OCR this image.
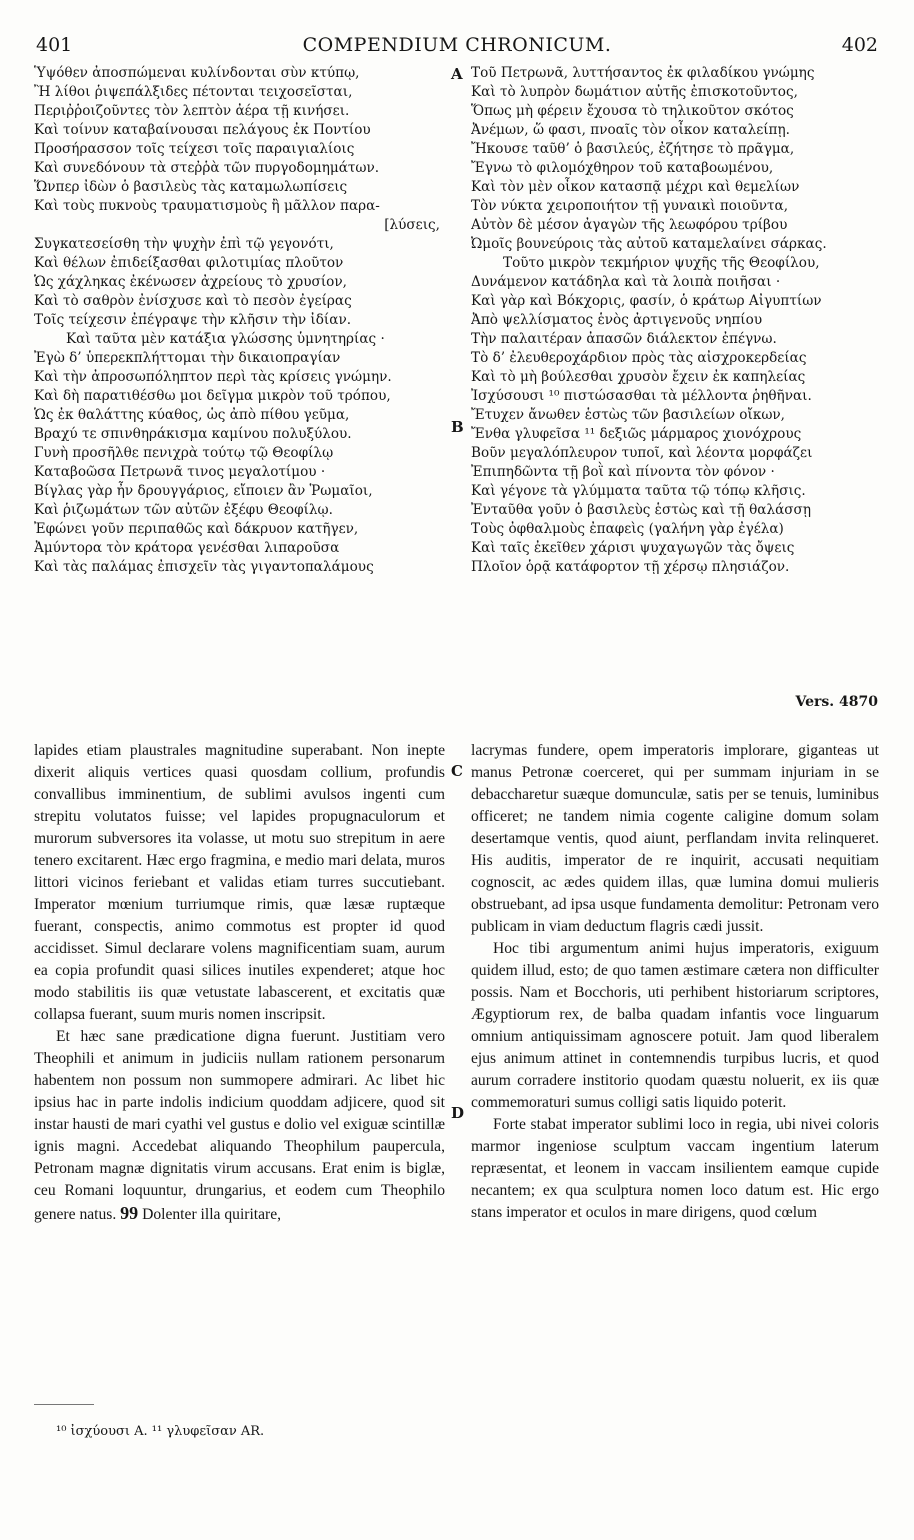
401	COMPENDIUM CHRONICUM.	402
Ὑψόθεν ἀποσπώμεναι κυλίνδονται σὺν κτύπῳ,
Ἢ λίθοι ῥιψεπάλξιδες πέτονται τειχοσεῖσται,
Περιῤῥοιζοῦντες τὸν λεπτὸν ἀέρα τῇ κινήσει.
Καὶ τοίνυν καταβαίνουσαι πελάγους ἐκ Ποντίου
Προσήρασσον τοῖς τείχεσι τοῖς παραιγιαλίοις
Καὶ συνεδόνουν τὰ στεῤῥὰ τῶν πυργοδομημάτων.
Ὥνπερ ἰδὼν ὁ βασιλεὺς τὰς καταμωλωπίσεις
Καὶ τοὺς πυκνοὺς τραυματισμοὺς ἢ μᾶλλον παρα-
[λύσεις,
Συγκατεσείσθη τὴν ψυχὴν ἐπὶ τῷ γεγονότι,
Καὶ θέλων ἐπιδείξασθαι φιλοτιμίας πλοῦτον
Ὡς χάχληκας ἐκένωσεν ἀχρείους τὸ χρυσίον,
Καὶ τὸ σαθρὸν ἐνίσχυσε καὶ τὸ πεσὸν ἐγείρας
Τοῖς τείχεσιν ἐπέγραψε τὴν κλῆσιν τὴν ἰδίαν.
Καὶ ταῦτα μὲν κατάξια γλώσσης ὑμνητηρίας ·
Ἐγὼ δ’ ὑπερεκπλήττομαι τὴν δικαιοπραγίαν
Καὶ τὴν ἀπροσωπόληπτον περὶ τὰς κρίσεις γνώμην.
Καὶ δὴ παρατιθέσθω μοι δεῖγμα μικρὸν τοῦ τρόπου,
Ὡς ἐκ θαλάττης κύαθος, ὡς ἀπὸ πίθου γεῦμα,
Βραχύ τε σπινθηράκισμα καμίνου πολυξύλου.
Γυνὴ προσῆλθε πενιχρὰ τούτῳ τῷ Θεοφίλῳ
Καταβοῶσα Πετρωνᾶ τινος μεγαλοτίμου ·
Βίγλας γὰρ ἦν δρουγγάριος, εἴποιεν ἂν Ῥωμαῖοι,
Καὶ ῥιζωμάτων τῶν αὐτῶν ἐξέφυ Θεοφίλῳ.
Ἐφώνει γοῦν περιπαθῶς καὶ δάκρυον κατῆγεν,
Ἀμύντορα τὸν κράτορα γενέσθαι λιπαροῦσα
Καὶ τὰς παλάμας ἐπισχεῖν τὰς γιγαντοπαλάμους
Τοῦ Πετρωνᾶ, λυττήσαντος ἐκ φιλαδίκου γνώμης
Καὶ τὸ λυπρὸν δωμάτιον αὐτῆς ἐπισκοτοῦντος,
Ὅπως μὴ φέρειν ἔχουσα τὸ τηλικοῦτον σκότος
Ἀνέμων, ὥ φασι, πνοαῖς τὸν οἶκον καταλείπῃ.
Ἤκουσε ταῦθ’ ὁ βασιλεύς, ἐζήτησε τὸ πρᾶγμα,
Ἔγνω τὸ φιλομόχθηρον τοῦ καταβοωμένου,
Καὶ τὸν μὲν οἶκον κατασπᾷ μέχρι καὶ θεμελίων
Τὸν νύκτα χειροποιήτον τῇ γυναικὶ ποιοῦντα,
Αὐτὸν δὲ μέσον ἀγαγὼν τῆς λεωφόρου τρίβου
Ὠμοῖς βουνεύροις τὰς αὐτοῦ καταμελαίνει σάρκας.
Τοῦτο μικρὸν τεκμήριον ψυχῆς τῆς Θεοφίλου,
Δυνάμενον κατάδηλα καὶ τὰ λοιπὰ ποιῆσαι ·
Καὶ γὰρ καὶ Βόκχορις, φασίν, ὁ κράτωρ Αἰγυπτίων
Ἀπὸ ψελλίσματος ἑνὸς ἀρτιγενοῦς νηπίου
Τὴν παλαιτέραν ἀπασῶν διάλεκτον ἐπέγνω.
Τὸ δ’ ἐλευθεροχάρδιον πρὸς τὰς αἰσχροκερδείας
Καὶ τὸ μὴ βούλεσθαι χρυσὸν ἔχειν ἐκ καπηλείας
Ἰσχύσουσι ¹⁰ πιστώσασθαι τὰ μέλλοντα ῥηθῆναι.
Ἔτυχεν ἄνωθεν ἑστὼς τῶν βασιλείων οἴκων,
Ἔνθα γλυφεῖσα ¹¹ δεξιῶς μάρμαρος χιονόχρους
Βοῦν μεγαλόπλευρον τυποῖ, καὶ λέοντα μορφάζει
Ἐπιπηδῶντα τῇ βοῒ καὶ πίνοντα τὸν φόνον ·
Καὶ γέγονε τὰ γλύμματα ταῦτα τῷ τόπῳ κλῆσις.
Ἐνταῦθα γοῦν ὁ βασιλεὺς ἑστὼς καὶ τῇ θαλάσσῃ
Τοὺς ὀφθαλμοὺς ἐπαφεὶς (γαλήνη γὰρ ἐγέλα)
Καὶ ταῖς ἐκεῖθεν χάρισι ψυχαγωγῶν τὰς ὄψεις
Πλοῖον ὁρᾷ κατάφορτον τῇ χέρσῳ πλησιάζον.
Vers. 4870
A
B
C
D

lapides etiam plaustrales magnitudine superabant. Non inepte dixerit aliquis vertices quasi quosdam collium, profundis convallibus imminentium, de sublimi avulsos ingenti cum strepitu volutatos fuisse; vel lapides propugnaculorum et murorum subversores ita volasse, ut motu suo strepitum in aere tenero excitarent. Hæc ergo fragmina, e medio mari delata, muros littori vicinos feriebant et validas etiam turres succutiebant. Imperator mœnium turriumque rimis, quæ læsæ ruptæque fuerant, conspectis, animo commotus est propter id quod accidisset. Simul declarare volens magnificentiam suam, aurum ea copia profundit quasi silices inutiles expenderet; atque hoc modo stabilitis iis quæ vetustate labascerent, et excitatis quæ collapsa fuerant, suum muris nomen inscripsit.

Et hæc sane prædicatione digna fuerunt. Justitiam vero Theophili et animum in judiciis nullam rationem personarum habentem non possum non summopere admirari. Ac libet hic ipsius hac in parte indolis indicium quoddam adjicere, quod sit instar hausti de mari cyathi vel gustus e dolio vel exiguæ scintillæ ignis magni. Accedebat aliquando Theophilum paupercula, Petronam magnæ dignitatis virum accusans. Erat enim is biglæ, ceu Romani loquuntur, drungarius, et eodem cum Theophilo genere natus. 99 Dolenter illa quiritare,

lacrymas fundere, opem imperatoris implorare, giganteas ut manus Petronæ coerceret, qui per summam injuriam in se debaccharetur suæque domunculæ, satis per se tenuis, luminibus officeret; ne tandem nimia cogente caligine domum solam desertamque ventis, quod aiunt, perflandam invita relinqueret. His auditis, imperator de re inquirit, accusati nequitiam cognoscit, ac ædes quidem illas, quæ lumina domui mulieris obstruebant, ad ipsa usque fundamenta demolitur: Petronam vero publicam in viam deductum flagris cædi jussit.

Hoc tibi argumentum animi hujus imperatoris, exiguum quidem illud, esto; de quo tamen æstimare cætera non difficulter possis. Nam et Bocchoris, uti perhibent historiarum scriptores, Ægyptiorum rex, de balba quadam infantis voce linguarum omnium antiquissimam agnoscere potuit. Jam quod liberalem ejus animum attinet in contemnendis turpibus lucris, et quod aurum corradere institorio quodam quæstu noluerit, ex iis quæ commemoraturi sumus colligi satis liquido poterit.

Forte stabat imperator sublimi loco in regia, ubi nivei coloris marmor ingeniose sculptum vaccam ingentium laterum repræsentat, et leonem in vaccam insilientem eamque cupide necantem; ex qua sculptura nomen loco datum est. Hic ergo stans imperator et oculos in mare dirigens, quod cœlum

¹⁰ ἰσχύουσι A. ¹¹ γλυφεῖσαν AR.
